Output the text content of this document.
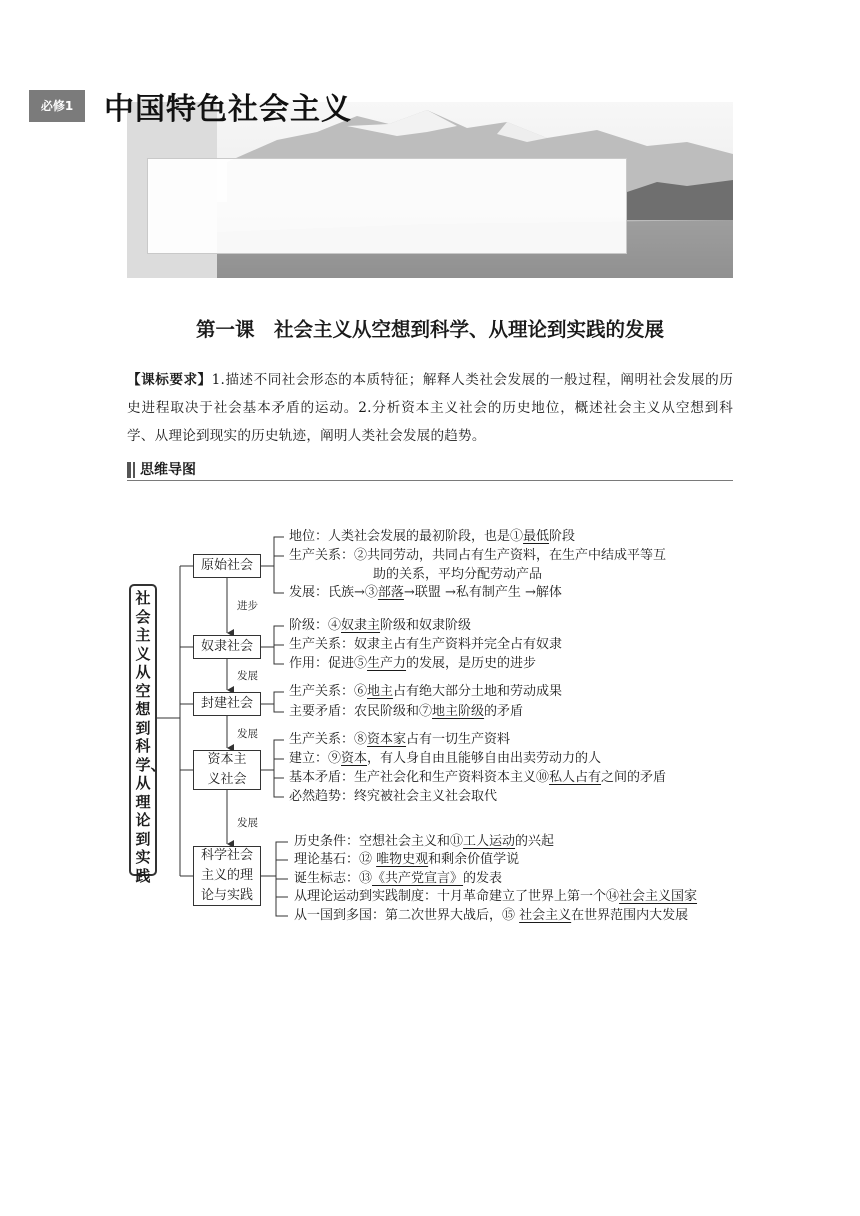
必修1	中国特色社会主义
第一课　社会主义从空想到科学、从理论到实践的发展
【课标要求】1.描述不同社会形态的本质特征；解释人类社会发展的一般过程，阐明社会发展的历史进程取决于社会基本矛盾的运动。2.分析资本主义社会的历史地位，概述社会主义从空想到科学、从理论到现实的历史轨迹，阐明人类社会发展的趋势。
思维导图
社会主义从空想到科学、从理论到实践
原始社会
奴隶社会
封建社会
资本主
义社会
科学社会
主义的理
论与实践
进步
发展
发展
发展
地位：人类社会发展的最初阶段，也是①最低阶段
生产关系：②共同劳动，共同占有生产资料，在生产中结成平等互
助的关系，平均分配劳动产品
发展：氏族→③部落→联盟 →私有制产生 →解体
阶级：④奴隶主阶级和奴隶阶级
生产关系：奴隶主占有生产资料并完全占有奴隶
作用：促进⑤生产力的发展，是历史的进步
生产关系：⑥地主占有绝大部分土地和劳动成果
主要矛盾：农民阶级和⑦地主阶级的矛盾
生产关系：⑧资本家占有一切生产资料
建立：⑨资本，有人身自由且能够自由出卖劳动力的人
基本矛盾：生产社会化和生产资料资本主义⑩私人占有之间的矛盾
必然趋势：终究被社会主义社会取代
历史条件：空想社会主义和⑪工人运动的兴起
理论基石：⑫ 唯物史观和剩余价值学说
诞生标志：⑬《共产党宣言》的发表
从理论运动到实践制度：十月革命建立了世界上第一个⑭社会主义国家
从一国到多国：第二次世界大战后，⑮ 社会主义在世界范围内大发展
